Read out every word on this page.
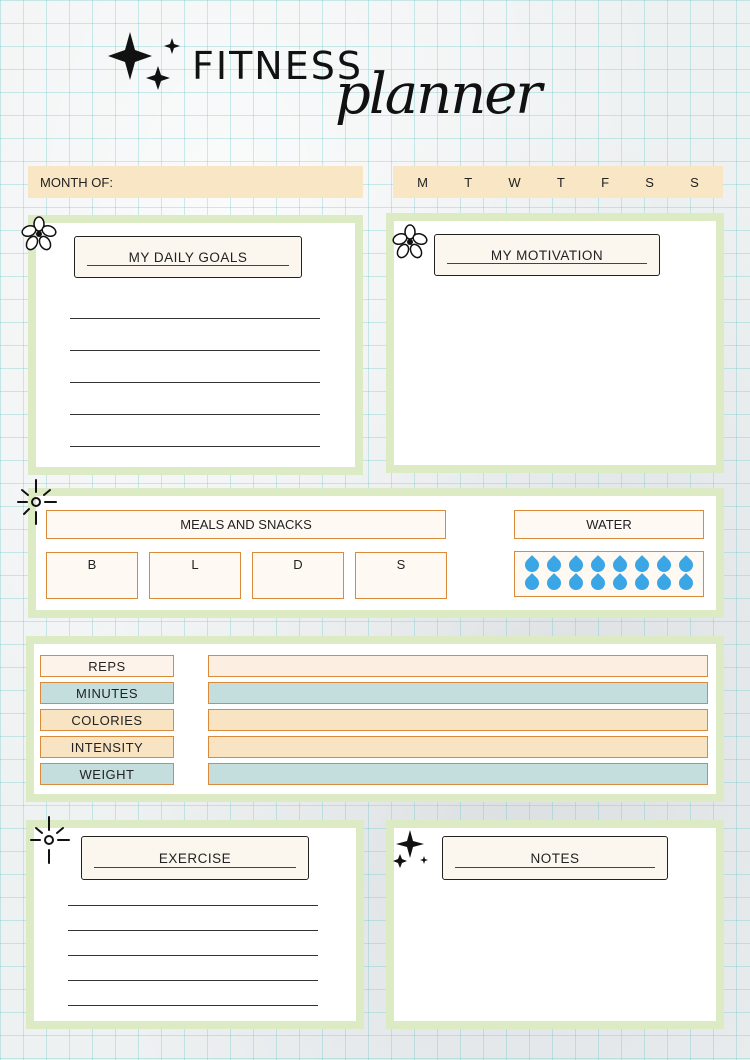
FITNESS
planner
MONTH OF:	M	T	W	T	F	S	S
MY DAILY GOALS	MY MOTIVATION
MEALS AND SNACKS
B	L	D	S
WATER
REPS
MINUTES
COLORIES
INTENSITY
WEIGHT
EXERCISE	NOTES
